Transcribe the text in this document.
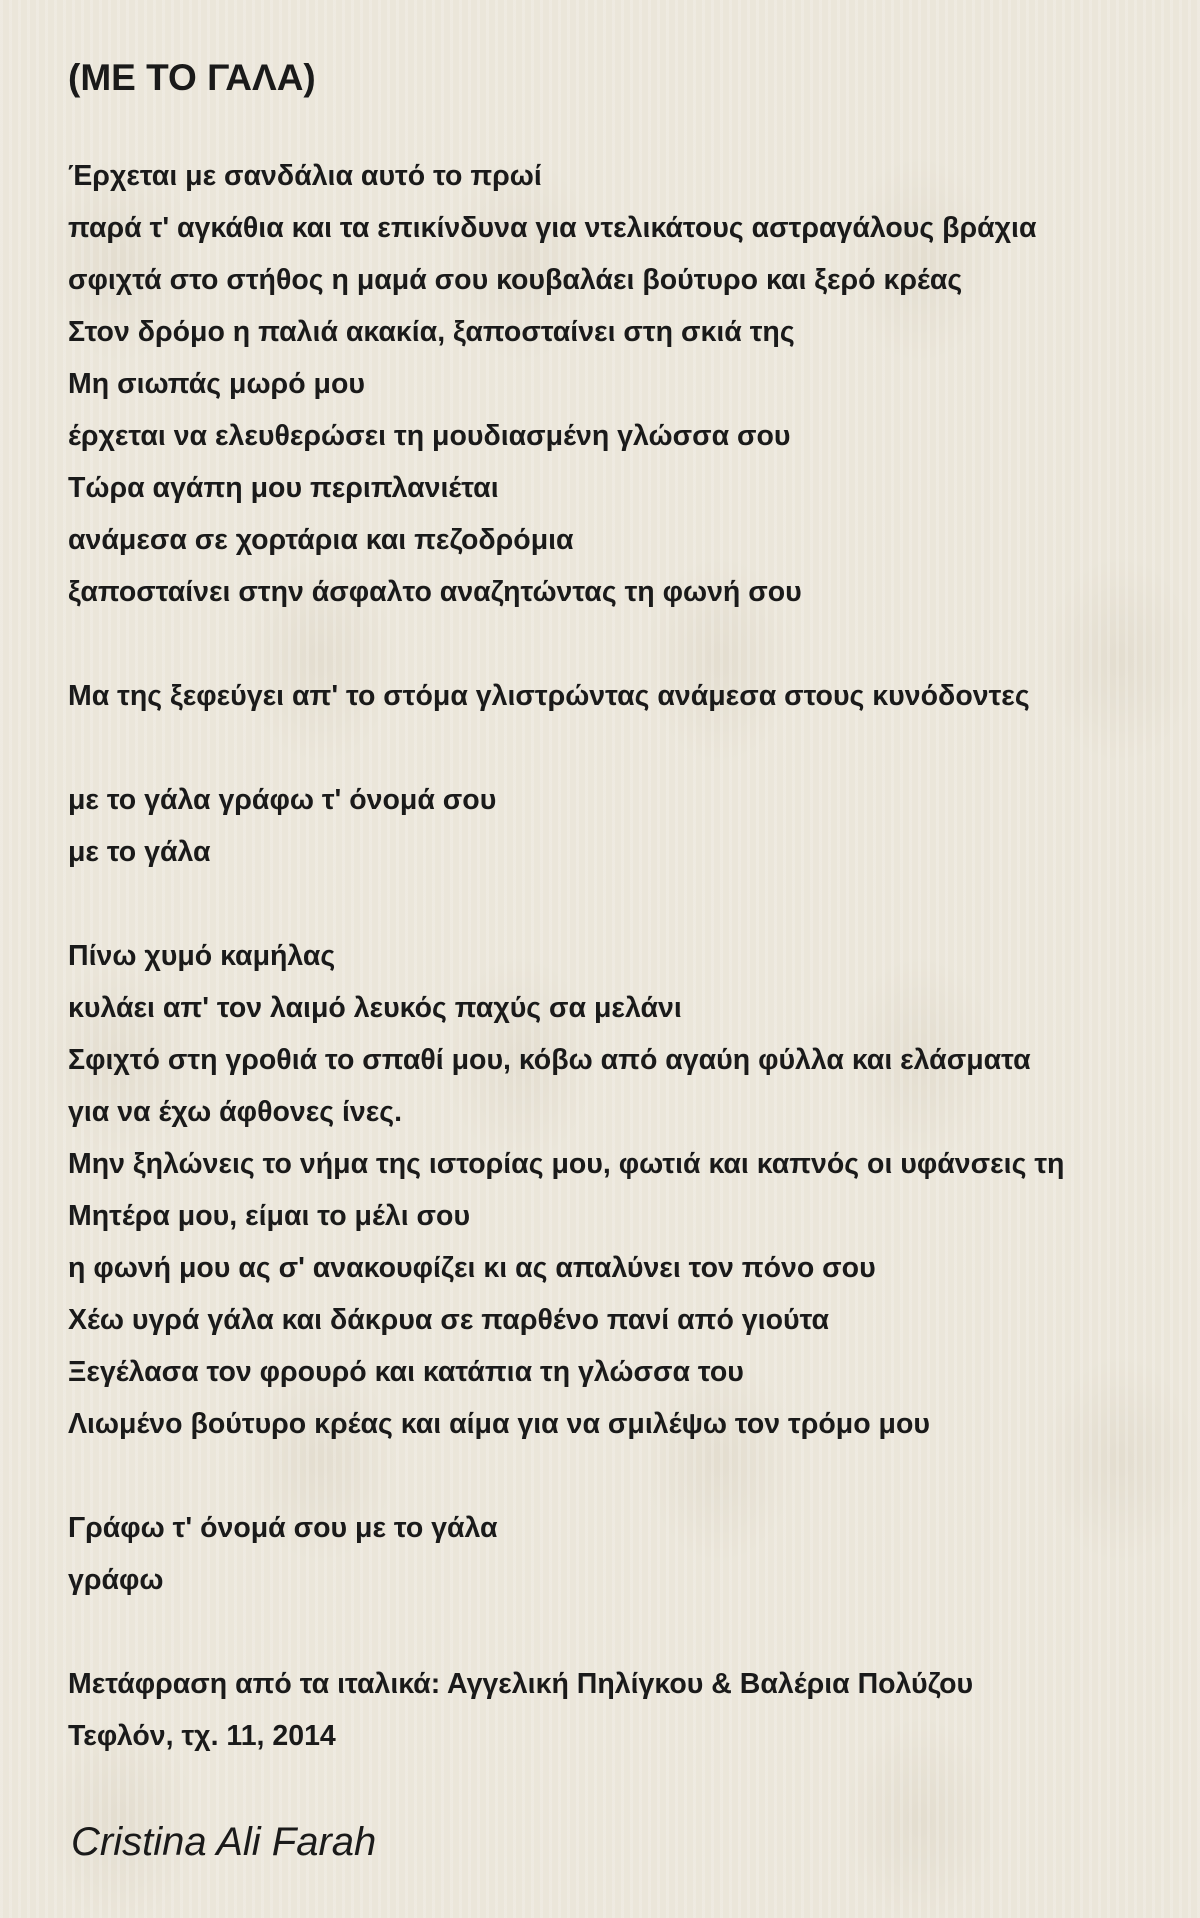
(ΜΕ ΤΟ ΓΑΛΑ)
Έρχεται με σανδάλια αυτό το πρωί
παρά τ' αγκάθια και τα επικίνδυνα για ντελικάτους αστραγάλους βράχια
σφιχτά στο στήθος η μαμά σου κουβαλάει βούτυρο και ξερό κρέας
Στον δρόμο η παλιά ακακία, ξαποσταίνει στη σκιά της
Μη σιωπάς μωρό μου
έρχεται να ελευθερώσει τη μουδιασμένη γλώσσα σου
Τώρα αγάπη μου περιπλανιέται
ανάμεσα σε χορτάρια και πεζοδρόμια
ξαποσταίνει στην άσφαλτο αναζητώντας τη φωνή σου
Μα της ξεφεύγει απ' το στόμα γλιστρώντας ανάμεσα στους κυνόδοντες
με το γάλα γράφω τ' όνομά σου
με το γάλα
Πίνω χυμό καμήλας
κυλάει απ' τον λαιμό λευκός παχύς σα μελάνι
Σφιχτό στη γροθιά το σπαθί μου, κόβω από αγαύη φύλλα και ελάσματα
για να έχω άφθονες ίνες.
Μην ξηλώνεις το νήμα της ιστορίας μου, φωτιά και καπνός οι υφάνσεις τη
Μητέρα μου, είμαι το μέλι σου
η φωνή μου ας σ' ανακουφίζει κι ας απαλύνει τον πόνο σου
Χέω υγρά γάλα και δάκρυα σε παρθένο πανί από γιούτα
Ξεγέλασα τον φρουρό και κατάπια τη γλώσσα του
Λιωμένο βούτυρο κρέας και αίμα για να σμιλέψω τον τρόμο μου
Γράφω τ' όνομά σου με το γάλα
γράφω
Μετάφραση από τα ιταλικά: Αγγελική Πηλίγκου & Βαλέρια Πολύζου
Τεφλόν, τχ. 11, 2014
Cristina Ali Farah
